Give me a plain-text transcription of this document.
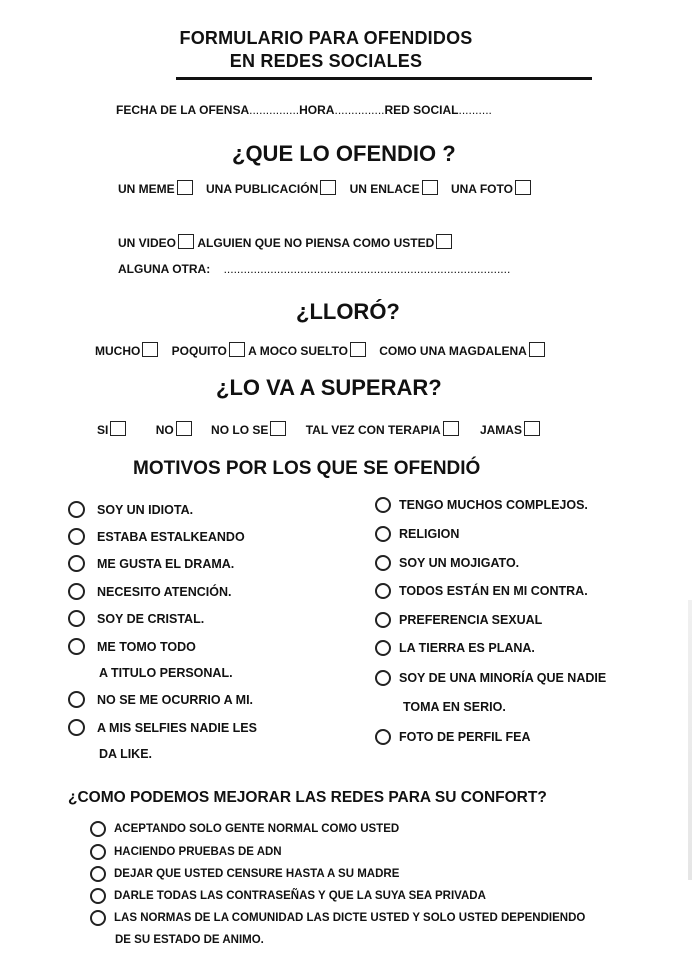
FORMULARIO PARA OFENDIDOS
EN REDES SOCIALES
FECHA DE LA OFENSA...............HORA...............RED SOCIAL..........
¿QUE LO OFENDIO ?
UN MEME	UNA PUBLICACIÓN	UN ENLACE	UNA FOTO
UN VIDEO ALGUIEN QUE NO PIENSA COMO USTED
ALGUNA OTRA: ......................................................................................
¿LLORÓ?
MUCHO	POQUITO A MOCO SUELTO	COMO UNA MAGDALENA
¿LO VA A SUPERAR?
SI	NO	NO LO SE	TAL VEZ CON TERAPIA	JAMAS
MOTIVOS POR LOS QUE SE OFENDIÓ
SOY UN IDIOTA.
ESTABA ESTALKEANDO
ME GUSTA EL DRAMA.
NECESITO ATENCIÓN.
SOY DE CRISTAL.
ME TOMO TODO
A TITULO PERSONAL.
NO SE ME OCURRIO A MI.
A MIS SELFIES NADIE LES
DA LIKE.
TENGO MUCHOS COMPLEJOS.
RELIGION
SOY UN MOJIGATO.
TODOS ESTÁN EN MI CONTRA.
PREFERENCIA SEXUAL
LA TIERRA ES PLANA.
SOY DE UNA MINORÍA QUE NADIE
TOMA EN SERIO.
FOTO DE PERFIL FEA
¿COMO PODEMOS MEJORAR LAS REDES PARA SU CONFORT?
ACEPTANDO SOLO GENTE NORMAL COMO USTED
HACIENDO PRUEBAS DE ADN
DEJAR QUE USTED CENSURE HASTA A SU MADRE
DARLE TODAS LAS CONTRASEÑAS Y QUE LA SUYA SEA PRIVADA
LAS NORMAS DE LA COMUNIDAD LAS DICTE USTED Y SOLO USTED DEPENDIENDO
DE SU ESTADO DE ANIMO.
